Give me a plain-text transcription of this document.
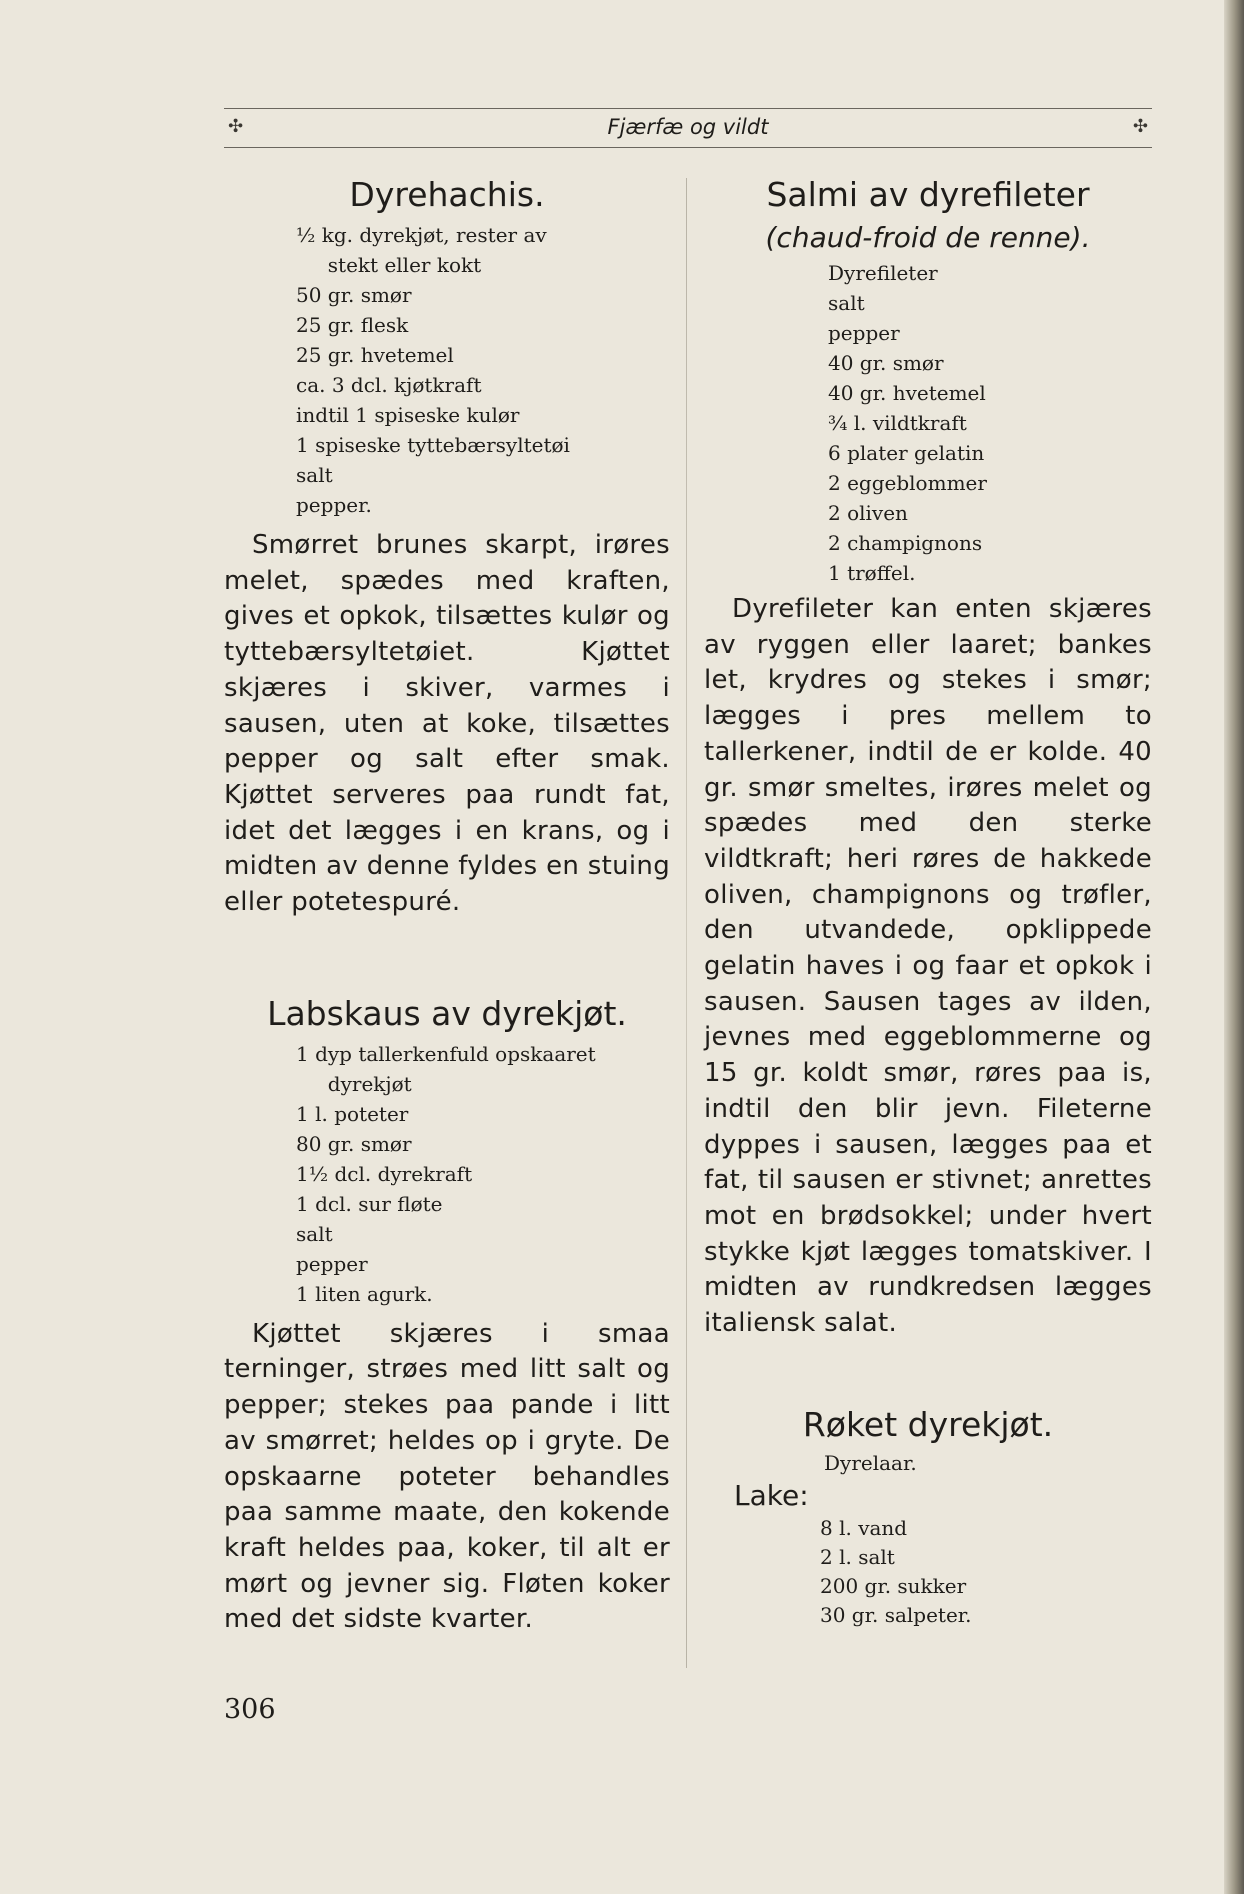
✣	Fjærfæ og vildt	✣
Dyrehachis.
½ kg. dyrekjøt, rester av
stekt eller kokt
50 gr. smør
25 gr. flesk
25 gr. hvetemel
ca. 3 dcl. kjøtkraft
indtil 1 spiseske kulør
1 spiseske tyttebærsyltetøi
salt
pepper.

Smørret brunes skarpt, irøres melet, spædes med kraften, gives et opkok, tilsættes kulør og tyttebærsyltetøiet. Kjøttet skjæres i skiver, varmes i sausen, uten at koke, tilsættes pepper og salt efter smak. Kjøttet serveres paa rundt fat, idet det lægges i en krans, og i midten av denne fyldes en stuing eller potetespuré.

Labskaus av dyrekjøt.
1 dyp tallerkenfuld opskaaret
dyrekjøt
1 l. poteter
80 gr. smør
1½ dcl. dyrekraft
1 dcl. sur fløte
salt
pepper
1 liten agurk.

Kjøttet skjæres i smaa terninger, strøes med litt salt og pepper; stekes paa pande i litt av smørret; heldes op i gryte. De opskaarne poteter behandles paa samme maate, den kokende kraft heldes paa, koker, til alt er mørt og jevner sig. Fløten koker med det sidste kvarter.

306
Salmi av dyrefileter

(chaud-froid de renne).

Dyrefileter
salt
pepper
40 gr. smør
40 gr. hvetemel
¾ l. vildtkraft
6 plater gelatin
2 eggeblommer
2 oliven
2 champignons
1 trøffel.

Dyrefileter kan enten skjæres av ryggen eller laaret; bankes let, krydres og stekes i smør; lægges i pres mellem to tallerkener, indtil de er kolde. 40 gr. smør smeltes, irøres melet og spædes med den sterke vildtkraft; heri røres de hakkede oliven, champignons og trøfler, den utvandede, opklippede gelatin haves i og faar et opkok i sausen. Sausen tages av ilden, jevnes med eggeblommerne og 15 gr. koldt smør, røres paa is, indtil den blir jevn. Fileterne dyppes i sausen, lægges paa et fat, til sausen er stivnet; anrettes mot en brødsokkel; under hvert stykke kjøt lægges tomatskiver. I midten av rundkredsen lægges italiensk salat.

Røket dyrekjøt.
Dyrelaar.
Lake:
8 l. vand
2 l. salt
200 gr. sukker
30 gr. salpeter.
